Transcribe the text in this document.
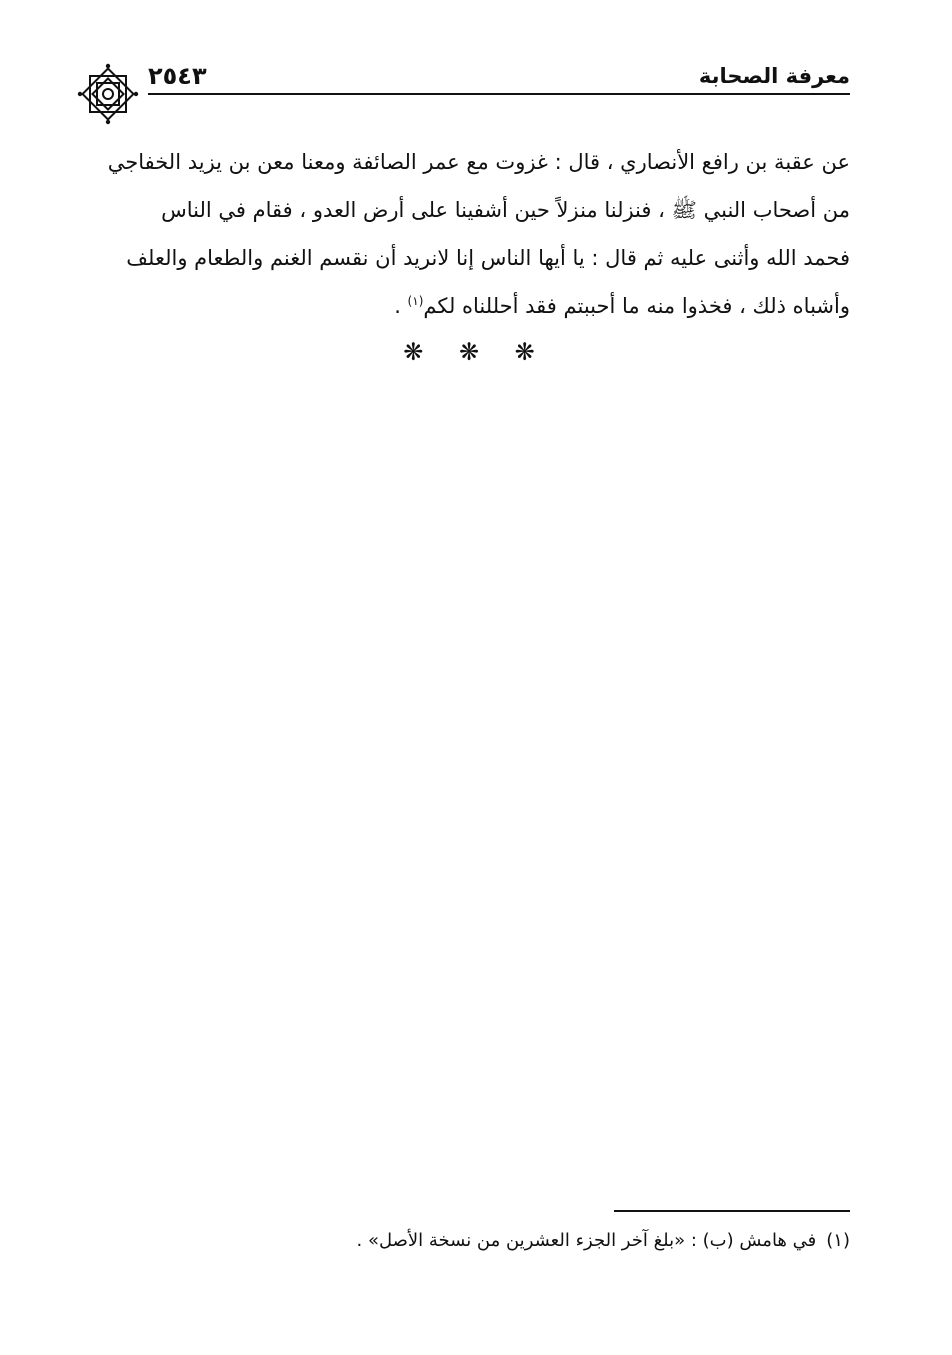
٢٥٤٣	معرفة الصحابة
عن عقبة بن رافع الأنصاري ، قال : غزوت مع عمر الصائفة ومعنا معن بن يزيد الخفاجي
من أصحاب النبي ﷺ ، فنزلنا منزلاً حين أشفينا على أرض العدو ، فقام في الناس
فحمد الله وأثنى عليه ثم قال : يا أيها الناس إنا لانريد أن نقسم الغنم والطعام والعلف
وأشباه ذلك ، فخذوا منه ما أحببتم فقد أحللناه لكم$^{(١)}$ .
❋ ❋ ❋
(١)في هامش (ب) : «بلغ آخر الجزء العشرين من نسخة الأصل» .
